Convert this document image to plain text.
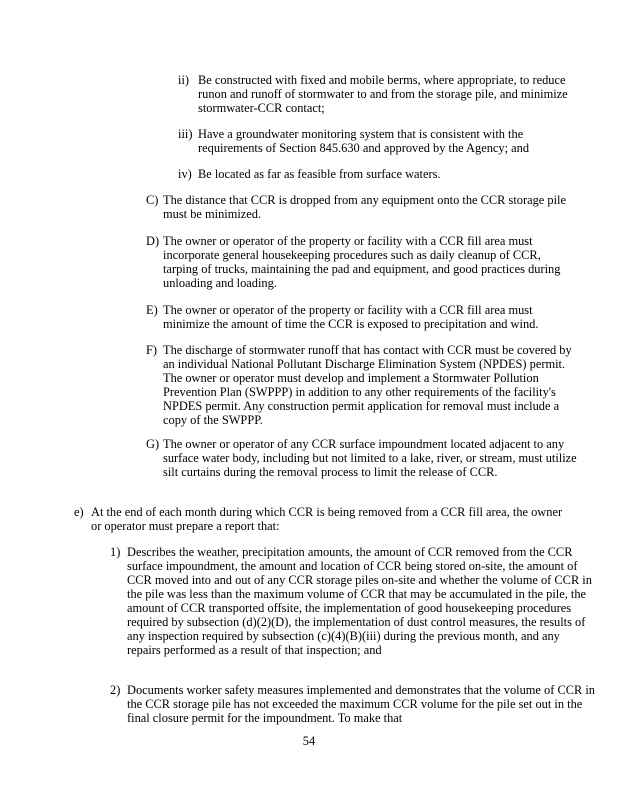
ii) Be constructed with fixed and mobile berms, where appropriate, to reduce runon and runoff of stormwater to and from the storage pile, and minimize stormwater-CCR contact;
iii) Have a groundwater monitoring system that is consistent with the requirements of Section 845.630 and approved by the Agency; and
iv) Be located as far as feasible from surface waters.
C) The distance that CCR is dropped from any equipment onto the CCR storage pile must be minimized.
D) The owner or operator of the property or facility with a CCR fill area must incorporate general housekeeping procedures such as daily cleanup of CCR, tarping of trucks, maintaining the pad and equipment, and good practices during unloading and loading.
E) The owner or operator of the property or facility with a CCR fill area must minimize the amount of time the CCR is exposed to precipitation and wind.
F) The discharge of stormwater runoff that has contact with CCR must be covered by an individual National Pollutant Discharge Elimination System (NPDES) permit. The owner or operator must develop and implement a Stormwater Pollution Prevention Plan (SWPPP) in addition to any other requirements of the facility's NPDES permit. Any construction permit application for removal must include a copy of the SWPPP.
G) The owner or operator of any CCR surface impoundment located adjacent to any surface water body, including but not limited to a lake, river, or stream, must utilize silt curtains during the removal process to limit the release of CCR.
e) At the end of each month during which CCR is being removed from a CCR fill area, the owner or operator must prepare a report that:
1) Describes the weather, precipitation amounts, the amount of CCR removed from the CCR surface impoundment, the amount and location of CCR being stored on-site, the amount of CCR moved into and out of any CCR storage piles on-site and whether the volume of CCR in the pile was less than the maximum volume of CCR that may be accumulated in the pile, the amount of CCR transported offsite, the implementation of good housekeeping procedures required by subsection (d)(2)(D), the implementation of dust control measures, the results of any inspection required by subsection (c)(4)(B)(iii) during the previous month, and any repairs performed as a result of that inspection; and
2) Documents worker safety measures implemented and demonstrates that the volume of CCR in the CCR storage pile has not exceeded the maximum CCR volume for the pile set out in the final closure permit for the impoundment. To make that
54
